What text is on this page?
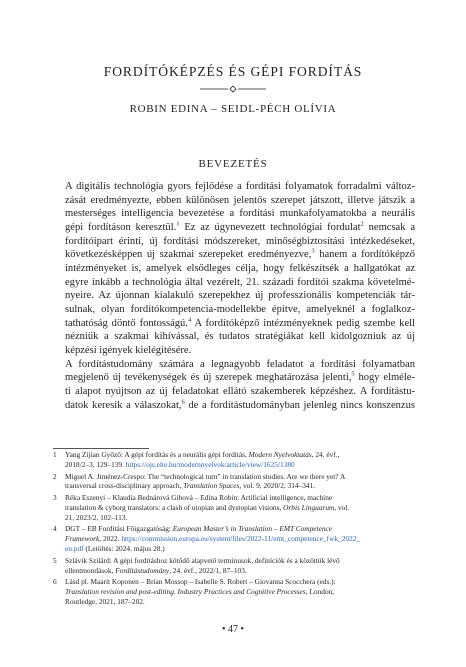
FORDÍTÓKÉPZÉS ÉS GÉPI FORDÍTÁS
ROBIN EDINA – SEIDL-PÉCH OLÍVIA
BEVEZETÉS

A digitális technológia gyors fejlődése a fordítási folyamatok forradalmi változ-
zását eredményezte, ebben különösen jelentős szerepet játszott, illetve játszik a
mesterséges intelligencia bevezetése a fordítási munkafolyamatokba a neurális
gépi fordításon keresztül.$^1$ Ez az úgynevezett technológiai fordulat$^2$ nemcsak a
fordítóipart érinti, új fordítási módszereket, minőségbiztosítási intézkedéseket,
következésképpen új szakmai szerepeket eredményezve,$^3$ hanem a fordítóképző
intézményeket is, amelyek elsődleges célja, hogy felkészítsék a hallgatókat az
egyre inkább a technológia által vezérelt, 21. századi fordítói szakma követelmé-
nyeire. Az újonnan kialakuló szerepekhez új professzionális kompetenciák tár-
sulnak, olyan fordítókompetencia-modellekbe építve, amelyeknél a foglalkoz-
tathatóság döntő fontosságú.$^4$ A fordítóképző intézményeknek pedig szembe kell
nézniük a szakmai kihívással, és tudatos stratégiákat kell kidolgozniuk az új
képzési igények kielégítésére.

A fordítástudomány számára a legnagyobb feladatot a fordítási folyamatban
megjelenő új tevékenységek és új szerepek meghatározása jelenti,$^5$ hogy elméle-
ti alapot nyújtson az új feladatokat ellátó szakemberek képzéshez. A fordítástu-
datok keresik a válaszokat,$^6$ de a fordítástudományban jelenleg nincs konszenzus

1 Yang Zijian Győző: A gépi fordítás és a neurális gépi fordítás, Modern Nyelvoktatás, 24. évf.,
2018/2–3, 129–139. https://ojs.elte.hu/modernnyelvok/article/view/1625/1380
2 Miguel A. Jiménez-Crespo: The “technological turn” in translation studies. Are we there yet? A
transversal cross-disciplinary approach, Translation Spaces, vol. 9, 2020/2, 314–341.
3 Réka Eszenyi – Klaudia Bednárová Gibová – Edina Robin: Artificial intelligence, machine
translation & cyborg translators: a clash of utopian and dystopian visions, Orbis Linguarum, vol.
21, 2023/2, 102–113.
4 DGT – EB Fordítási Főigazgatóság: European Master’s in Translation – EMT Competence
Framework, 2022. https://commission.europa.eu/system/files/2022-11/emt_competence_fwk_2022_
en.pdf (Letöltés: 2024. május 28.)
5 Szlávik Szilárd: A gépi fordításhoz kötődő alapvető terminusok, definíciók és a közöttük lévő
ellentmondások, Fordítástudomány, 24. évf., 2022/1, 87–103.
6 Lásd pl. Maarit Koponen – Brian Mossop – Isabelle S. Robert – Giovanna Scocchera (eds.):
Translation revision and post-editing. Industry Practices and Cognitive Processes, London,
Routledge, 2021, 187–202.
• 47 •
